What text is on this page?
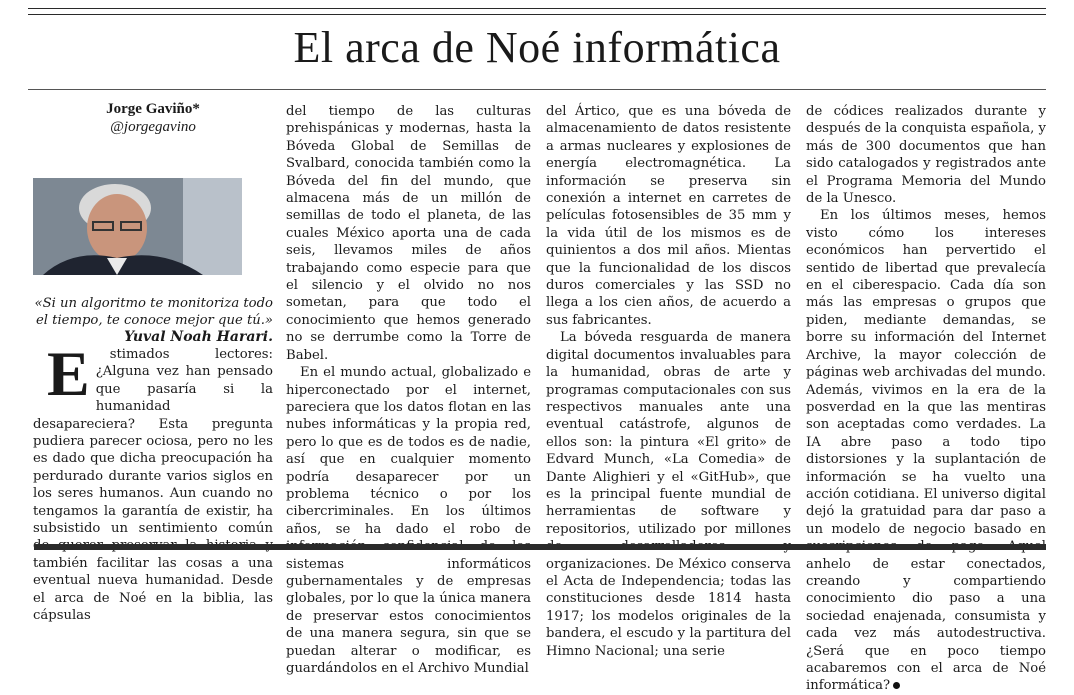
El arca de Noé informática
Jorge Gaviño*
@jorgegavino
«Si un algoritmo te monitoriza todo el tiempo, te conoce mejor que tú.»
Yuval Noah Harari.

E stimados lectores: ¿Alguna vez han pensado que pasaría si la humanidad desapareciera? Esta pregunta pudiera parecer ociosa, pero no les es dado que dicha preocupación ha perdurado durante varios siglos en los seres humanos. Aun cuando no tengamos la garantía de existir, ha subsistido un sentimiento común también facilitar las cosas a una eventual nueva humanidad. Desde el arca de Noé en la biblia, las cápsulas

del tiempo de las culturas prehispánicas y modernas, hasta la Bóveda Global de Semillas de Svalbard, conocida también como la Bóveda del fin del mundo, que almacena más de un millón de semillas de todo el planeta, de las cuales México aporta una de cada seis, llevamos miles de años trabajando como especie para que el silencio y el olvido no nos sometan, para que todo el conocimiento que hemos generado no se derrumbe como la Torre de Babel.

En el mundo actual, globalizado e hiperconectado por el internet, pareciera que los datos flotan en las nubes informáticas y la propia red, pero lo que es de todos es de nadie, así que en cualquier momento podría desaparecer por un problema técnico o por los cibercriminales. En los últimos años, se ha dado el robo de sistemas informáticos gubernamentales y de empresas globales, por lo que la única manera de preservar estos conocimientos de una manera segura, sin que se puedan alterar o modificar, es guardándolos en el Archivo Mundial

del Ártico, que es una bóveda de almacenamiento de datos resistente a armas nucleares y explosiones de energía electromagnética. La información se preserva sin conexión a internet en carretes de películas fotosensibles de 35 mm y la vida útil de los mismos es de quinientos a dos mil años. Mientas que la funcionalidad de los discos duros comerciales y las SSD no llega a los cien años, de acuerdo a sus fabricantes.

La bóveda resguarda de manera digital documentos invaluables para la humanidad, obras de arte y programas computacionales con sus respectivos manuales ante una eventual catástrofe, algunos de ellos son: la pintura «El grito» de Edvard Munch, «La Comedia» de Dante Alighieri y el «GitHub», que es la principal fuente mundial de herramientas de software y repositorios, utilizado por millones organizaciones. De México conserva el Acta de Independencia; todas las constituciones desde 1814 hasta 1917; los modelos originales de la bandera, el escudo y la partitura del Himno Nacional; una serie

de códices realizados durante y después de la conquista española, y más de 300 documentos que han sido catalogados y registrados ante el Programa Memoria del Mundo de la Unesco.

En los últimos meses, hemos visto cómo los intereses económicos han pervertido el sentido de libertad que prevalecía en el ciberespacio. Cada día son más las empresas o grupos que piden, mediante demandas, se borre su información del Internet Archive, la mayor colección de páginas web archivadas del mundo. Además, vivimos en la era de la posverdad en la que las mentiras son aceptadas como verdades. La IA abre paso a todo tipo distorsiones y la suplantación de información se ha vuelto una acción cotidiana. El universo digital dejó la gratuidad para dar paso a un modelo de negocio basado en anhelo de estar conectados, creando y compartiendo conocimiento dio paso a una sociedad enajenada, consumista y cada vez más autodestructiva. ¿Será que en poco tiempo acabaremos con el arca de Noé informática?
